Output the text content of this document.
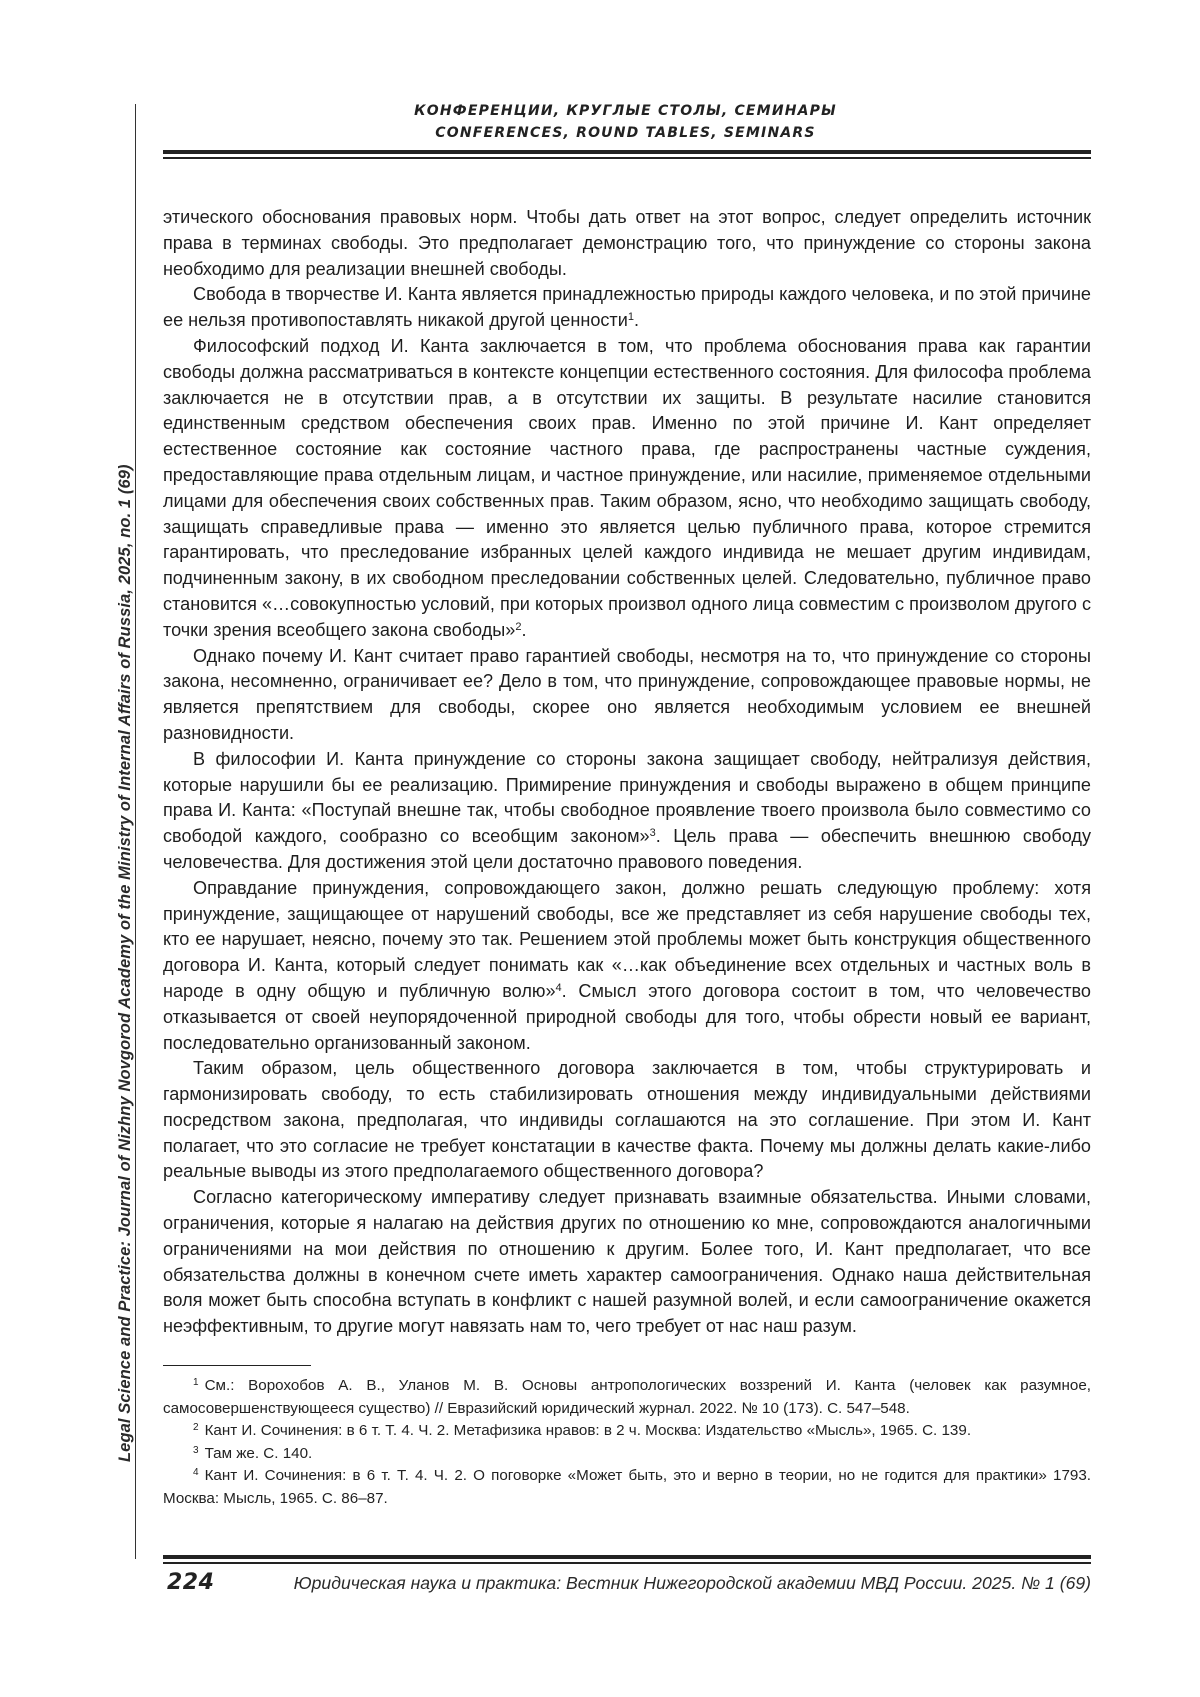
Legal Science and Practice: Journal of Nizhny Novgorod Academy of the Ministry of Internal Affairs of Russia, 2025, no. 1 (69)
КОНФЕРЕНЦИИ, КРУГЛЫЕ СТОЛЫ, СЕМИНАРЫ
CONFERENCES, ROUND TABLES, SEMINARS

этического обоснования правовых норм. Чтобы дать ответ на этот вопрос, следует определить источник права в терминах свободы. Это предполагает демонстрацию того, что принуждение со стороны закона необходимо для реализации внешней свободы.

Свобода в творчестве И. Канта является принадлежностью природы каждого человека, и по этой причине ее нельзя противопоставлять никакой другой ценности$^1$.

Философский подход И. Канта заключается в том, что проблема обоснования права как гарантии свободы должна рассматриваться в контексте концепции естественного состояния. Для философа проблема заключается не в отсутствии прав, а в отсутствии их защиты. В результате насилие становится единственным средством обеспечения своих прав. Именно по этой причине И. Кант определяет естественное состояние как состояние частного права, где распространены частные суждения, предоставляющие права отдельным лицам, и частное принуждение, или насилие, применяемое отдельными лицами для обеспечения своих собственных прав. Таким образом, ясно, что необходимо защищать свободу, защищать справедливые права — именно это является целью публичного права, которое стремится гарантировать, что преследование избранных целей каждого индивида не мешает другим индивидам, подчиненным закону, в их свободном преследовании собственных целей. Следовательно, публичное право становится «…совокупностью условий, при которых произвол одного лица совместим с произволом другого с точки зрения всеобщего закона свободы»$^2$.

Однако почему И. Кант считает право гарантией свободы, несмотря на то, что принуждение со стороны закона, несомненно, ограничивает ее? Дело в том, что принуждение, сопровождающее правовые нормы, не является препятствием для свободы, скорее оно является необходимым условием ее внешней разновидности.

В философии И. Канта принуждение со стороны закона защищает свободу, нейтрализуя действия, которые нарушили бы ее реализацию. Примирение принуждения и свободы выражено в общем принципе права И. Канта: «Поступай внешне так, чтобы свободное проявление твоего произвола было совместимо со свободой каждого, сообразно со всеобщим законом»$^3$. Цель права — обеспечить внешнюю свободу человечества. Для достижения этой цели достаточно правового поведения.

Оправдание принуждения, сопровождающего закон, должно решать следующую проблему: хотя принуждение, защищающее от нарушений свободы, все же представляет из себя нарушение свободы тех, кто ее нарушает, неясно, почему это так. Решением этой проблемы может быть конструкция общественного договора И. Канта, который следует понимать как «…как объединение всех отдельных и частных воль в народе в одну общую и публичную волю»$^4$. Смысл этого договора состоит в том, что человечество отказывается от своей неупорядоченной природной свободы для того, чтобы обрести новый ее вариант, последовательно организованный законом.

Таким образом, цель общественного договора заключается в том, чтобы структурировать и гармонизировать свободу, то есть стабилизировать отношения между индивидуальными действиями посредством закона, предполагая, что индивиды соглашаются на это соглашение. При этом И. Кант полагает, что это согласие не требует констатации в качестве факта. Почему мы должны делать какие-либо реальные выводы из этого предполагаемого общественного договора?

Согласно категорическому императиву следует признавать взаимные обязательства. Иными словами, ограничения, которые я налагаю на действия других по отношению ко мне, сопровождаются аналогичными ограничениями на мои действия по отношению к другим. Более того, И. Кант предполагает, что все обязательства должны в конечном счете иметь характер самоограничения. Однако наша действительная воля может быть способна вступать в конфликт с нашей разумной волей, и если самоограничение окажется неэффективным, то другие могут навязать нам то, чего требует от нас наш разум.

$^1$ См.: Ворохобов А. В., Уланов М. В. Основы антропологических воззрений И. Канта (человек как разумное, самосовершенствующееся существо) // Евразийский юридический журнал. 2022. № 10 (173). С. 547–548.

$^2$ Кант И. Сочинения: в 6 т. Т. 4. Ч. 2. Метафизика нравов: в 2 ч. Москва: Издательство «Мысль», 1965. С. 139.

$^3$ Там же. С. 140.

$^4$ Кант И. Сочинения: в 6 т. Т. 4. Ч. 2. О поговорке «Может быть, это и верно в теории, но не годится для практики» 1793. Москва: Мысль, 1965. С. 86–87.

224	Юридическая наука и практика: Вестник Нижегородской академии МВД России. 2025. № 1 (69)
